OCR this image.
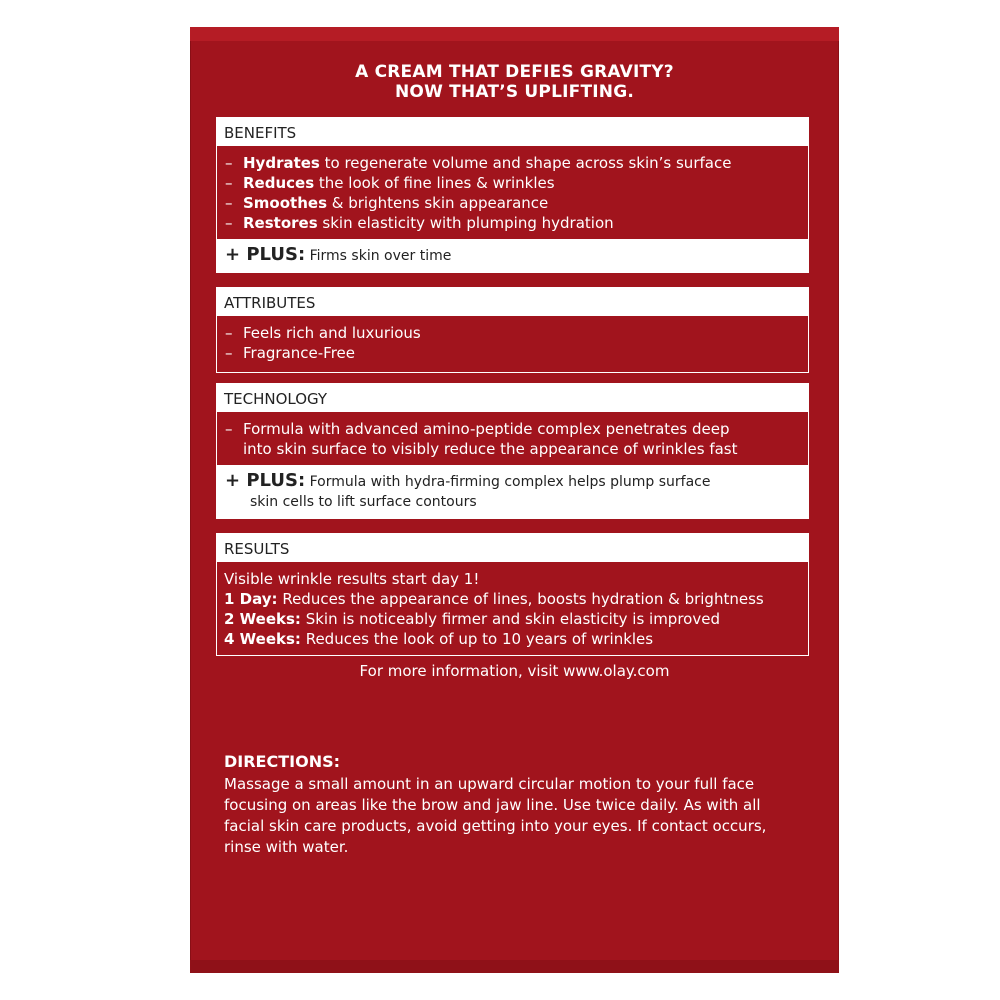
A CREAM THAT DEFIES GRAVITY?
NOW THAT’S UPLIFTING.
BENEFITS
– Hydrates to regenerate volume and shape across skin’s surface
– Reduces the look of fine lines & wrinkles
– Smoothes & brightens skin appearance
– Restores skin elasticity with plumping hydration
+ PLUS: Firms skin over time
ATTRIBUTES
– Feels rich and luxurious
– Fragrance-Free
TECHNOLOGY
– Formula with advanced amino-peptide complex penetrates deep
into skin surface to visibly reduce the appearance of wrinkles fast
+ PLUS: Formula with hydra-firming complex helps plump surface
skin cells to lift surface contours
RESULTS
Visible wrinkle results start day 1!
1 Day: Reduces the appearance of lines, boosts hydration & brightness
2 Weeks: Skin is noticeably firmer and skin elasticity is improved
4 Weeks: Reduces the look of up to 10 years of wrinkles
For more information, visit www.olay.com
DIRECTIONS:
Massage a small amount in an upward circular motion to your full face
focusing on areas like the brow and jaw line. Use twice daily. As with all
facial skin care products, avoid getting into your eyes. If contact occurs,
rinse with water.
